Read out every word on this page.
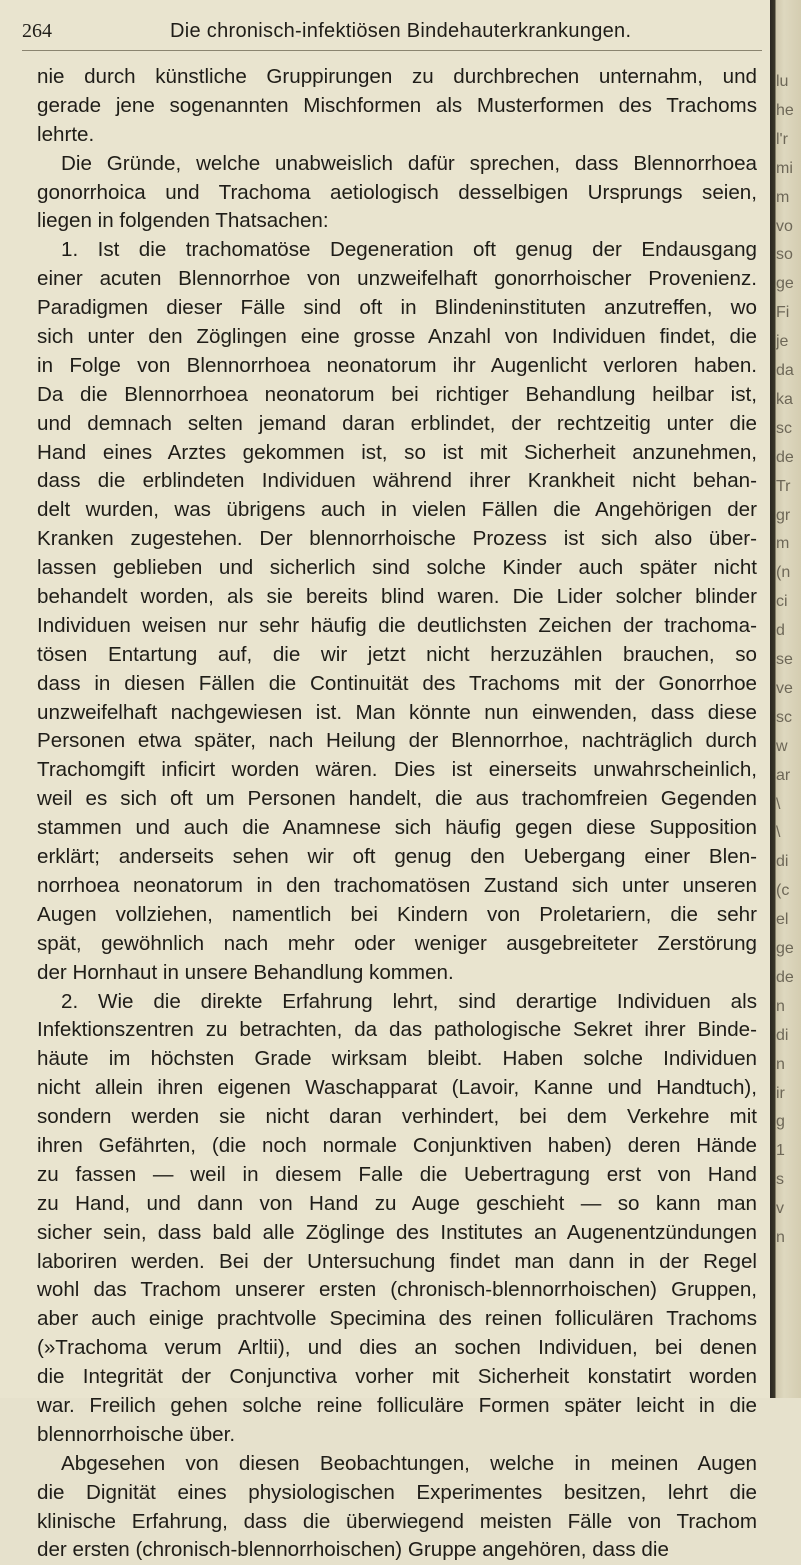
264	Die chronisch-infektiösen Bindehauterkrankungen.

nie durch künstliche Gruppirungen zu durchbrechen unternahm, und

gerade jene sogenannten Mischformen als Musterformen des Trachoms

lehrte.

Die Gründe, welche unabweislich dafür sprechen, dass Blennorrhoea

gonorrhoica und Trachoma aetiologisch desselbigen Ursprungs seien,

liegen in folgenden Thatsachen:

1. Ist die trachomatöse Degeneration oft genug der Endausgang

einer acuten Blennorrhoe von unzweifelhaft gonorrhoischer Provenienz.

Paradigmen dieser Fälle sind oft in Blindeninstituten anzutreffen, wo

sich unter den Zöglingen eine grosse Anzahl von Individuen findet, die

in Folge von Blennorrhoea neonatorum ihr Augenlicht verloren haben.

Da die Blennorrhoea neonatorum bei richtiger Behandlung heilbar ist,

und demnach selten jemand daran erblindet, der rechtzeitig unter die

Hand eines Arztes gekommen ist, so ist mit Sicherheit anzunehmen,

dass die erblindeten Individuen während ihrer Krankheit nicht behan-

delt wurden, was übrigens auch in vielen Fällen die Angehörigen der

Kranken zugestehen. Der blennorrhoische Prozess ist sich also über-

lassen geblieben und sicherlich sind solche Kinder auch später nicht

behandelt worden, als sie bereits blind waren. Die Lider solcher blinder

Individuen weisen nur sehr häufig die deutlichsten Zeichen der trachoma-

tösen Entartung auf, die wir jetzt nicht herzuzählen brauchen, so

dass in diesen Fällen die Continuität des Trachoms mit der Gonorrhoe

unzweifelhaft nachgewiesen ist. Man könnte nun einwenden, dass diese

Personen etwa später, nach Heilung der Blennorrhoe, nachträglich durch

Trachomgift inficirt worden wären. Dies ist einerseits unwahrscheinlich,

weil es sich oft um Personen handelt, die aus trachomfreien Gegenden

stammen und auch die Anamnese sich häufig gegen diese Supposition

erklärt; anderseits sehen wir oft genug den Uebergang einer Blen-

norrhoea neonatorum in den trachomatösen Zustand sich unter unseren

Augen vollziehen, namentlich bei Kindern von Proletariern, die sehr

spät, gewöhnlich nach mehr oder weniger ausgebreiteter Zerstörung

der Hornhaut in unsere Behandlung kommen.

2. Wie die direkte Erfahrung lehrt, sind derartige Individuen als

Infektionszentren zu betrachten, da das pathologische Sekret ihrer Binde-

häute im höchsten Grade wirksam bleibt. Haben solche Individuen

nicht allein ihren eigenen Waschapparat (Lavoir, Kanne und Handtuch),

sondern werden sie nicht daran verhindert, bei dem Verkehre mit

ihren Gefährten, (die noch normale Conjunktiven haben) deren Hände

zu fassen — weil in diesem Falle die Uebertragung erst von Hand

zu Hand, und dann von Hand zu Auge geschieht — so kann man

sicher sein, dass bald alle Zöglinge des Institutes an Augenentzündungen

laboriren werden. Bei der Untersuchung findet man dann in der Regel

wohl das Trachom unserer ersten (chronisch-blennorrhoischen) Gruppen,

aber auch einige prachtvolle Specimina des reinen folliculären Trachoms

(»Trachoma verum Arltii), und dies an sochen Individuen, bei denen

die Integrität der Conjunctiva vorher mit Sicherheit konstatirt worden

war. Freilich gehen solche reine folliculäre Formen später leicht in die

blennorrhoische über.

Abgesehen von diesen Beobachtungen, welche in meinen Augen

die Dignität eines physiologischen Experimentes besitzen, lehrt die

klinische Erfahrung, dass die überwiegend meisten Fälle von Trachom

der ersten (chronisch-blennorrhoischen) Gruppe angehören, dass die

lu
he
l'r
mi
m
vo
so
ge
Fi
je
da
ka
sc
de
Tr
gr
m
(n
ci
d
se
ve
sc
w
ar
\
\
di
(c
el
ge
de
n
di
n
ir
g
1
s
v
n
